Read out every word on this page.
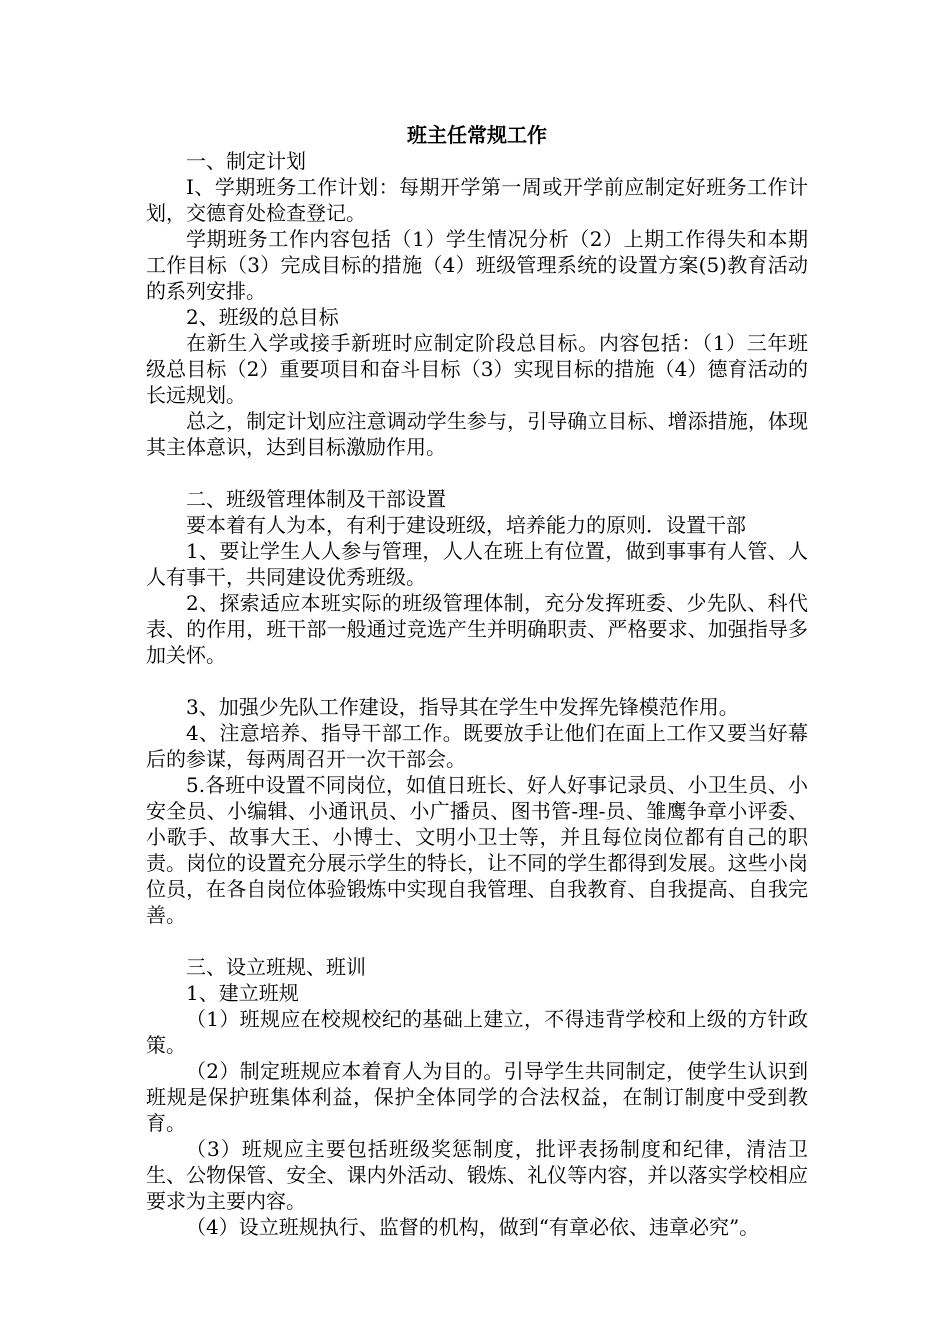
班主任常规工作

一、制定计划

I、学期班务工作计划：每期开学第一周或开学前应制定好班务工作计划，交德育处检查登记。

学期班务工作内容包括（1）学生情况分析（2）上期工作得失和本期工作目标（3）完成目标的措施（4）班级管理系统的设置方案(5)教育活动的系列安排。

2、班级的总目标

在新生入学或接手新班时应制定阶段总目标。内容包括：（1）三年班级总目标（2）重要项目和奋斗目标（3）实现目标的措施（4）德育活动的长远规划。

总之，制定计划应注意调动学生参与，引导确立目标、增添措施，体现其主体意识，达到目标激励作用。

二、班级管理体制及干部设置

要本着有人为本，有利于建设班级，培养能力的原则．设置干部

1、要让学生人人参与管理，人人在班上有位置，做到事事有人管、人人有事干，共同建设优秀班级。

2、探索适应本班实际的班级管理体制，充分发挥班委、少先队、科代表、的作用，班干部一般通过竞选产生并明确职责、严格要求、加强指导多加关怀。

3、加强少先队工作建设，指导其在学生中发挥先锋模范作用。

4、注意培养、指导干部工作。既要放手让他们在面上工作又要当好幕后的参谋，每两周召开一次干部会。

5.各班中设置不同岗位，如值日班长、好人好事记录员、小卫生员、小安全员、小编辑、小通讯员、小广播员、图书管-理-员、雏鹰争章小评委、小歌手、故事大王、小博士、文明小卫士等，并且每位岗位都有自己的职责。岗位的设置充分展示学生的特长，让不同的学生都得到发展。这些小岗位员，在各自岗位体验锻炼中实现自我管理、自我教育、自我提高、自我完善。

三、设立班规、班训

1、建立班规

（1）班规应在校规校纪的基础上建立，不得违背学校和上级的方针政策。

（2）制定班规应本着育人为目的。引导学生共同制定，使学生认识到班规是保护班集体利益，保护全体同学的合法权益，在制订制度中受到教育。

（3）班规应主要包括班级奖惩制度，批评表扬制度和纪律，清洁卫生、公物保管、安全、课内外活动、锻炼、礼仪等内容，并以落实学校相应要求为主要内容。

（4）设立班规执行、监督的机构，做到“有章必依、违章必究”。
